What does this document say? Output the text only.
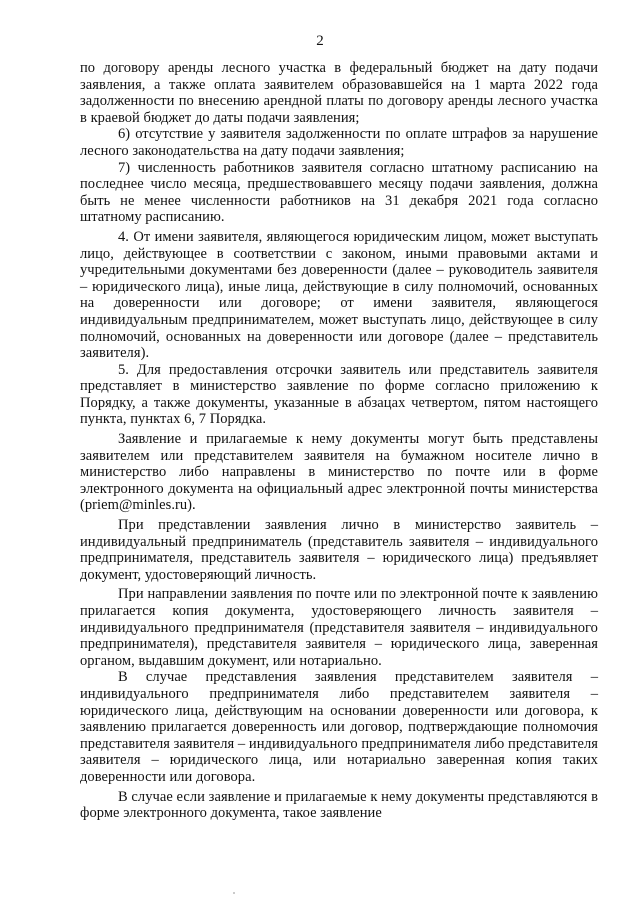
2

по договору аренды лесного участка в федеральный бюджет на дату подачи заявления, а также оплата заявителем образовавшейся на 1 марта 2022 года задолженности по внесению арендной платы по договору аренды лесного участка в краевой бюджет до даты подачи заявления;

6) отсутствие у заявителя задолженности по оплате штрафов за нарушение лесного законодательства на дату подачи заявления;

7) численность работников заявителя согласно штатному расписанию на последнее число месяца, предшествовавшего месяцу подачи заявления, должна быть не менее численности работников на 31 декабря 2021 года согласно штатному расписанию.

4. От имени заявителя, являющегося юридическим лицом, может выступать лицо, действующее в соответствии с законом, иными правовыми актами и учредительными документами без доверенности (далее – руководитель заявителя – юридического лица), иные лица, действующие в силу полномочий, основанных на доверенности или договоре; от имени заявителя, являющегося индивидуальным предпринимателем, может выступать лицо, действующее в силу полномочий, основанных на доверенности или договоре (далее – представитель заявителя).

5. Для предоставления отсрочки заявитель или представитель заявителя представляет в министерство заявление по форме согласно приложению к Порядку, а также документы, указанные в абзацах четвертом, пятом настоящего пункта, пунктах 6, 7 Порядка.

Заявление и прилагаемые к нему документы могут быть представлены заявителем или представителем заявителя на бумажном носителе лично в министерство либо направлены в министерство по почте или в форме электронного документа на официальный адрес электронной почты министерства (priem@minles.ru).

При представлении заявления лично в министерство заявитель – индивидуальный предприниматель (представитель заявителя – индивидуального предпринимателя, представитель заявителя – юридического лица) предъявляет документ, удостоверяющий личность.

При направлении заявления по почте или по электронной почте к заявлению прилагается копия документа, удостоверяющего личность заявителя – индивидуального предпринимателя (представителя заявителя – индивидуального предпринимателя), представителя заявителя – юридического лица, заверенная органом, выдавшим документ, или нотариально.

В случае представления заявления представителем заявителя – индивидуального предпринимателя либо представителем заявителя – юридического лица, действующим на основании доверенности или договора, к заявлению прилагается доверенность или договор, подтверждающие полномочия представителя заявителя – индивидуального предпринимателя либо представителя заявителя – юридического лица, или нотариально заверенная копия таких доверенности или договора.

В случае если заявление и прилагаемые к нему документы представляются в форме электронного документа, такое заявление
